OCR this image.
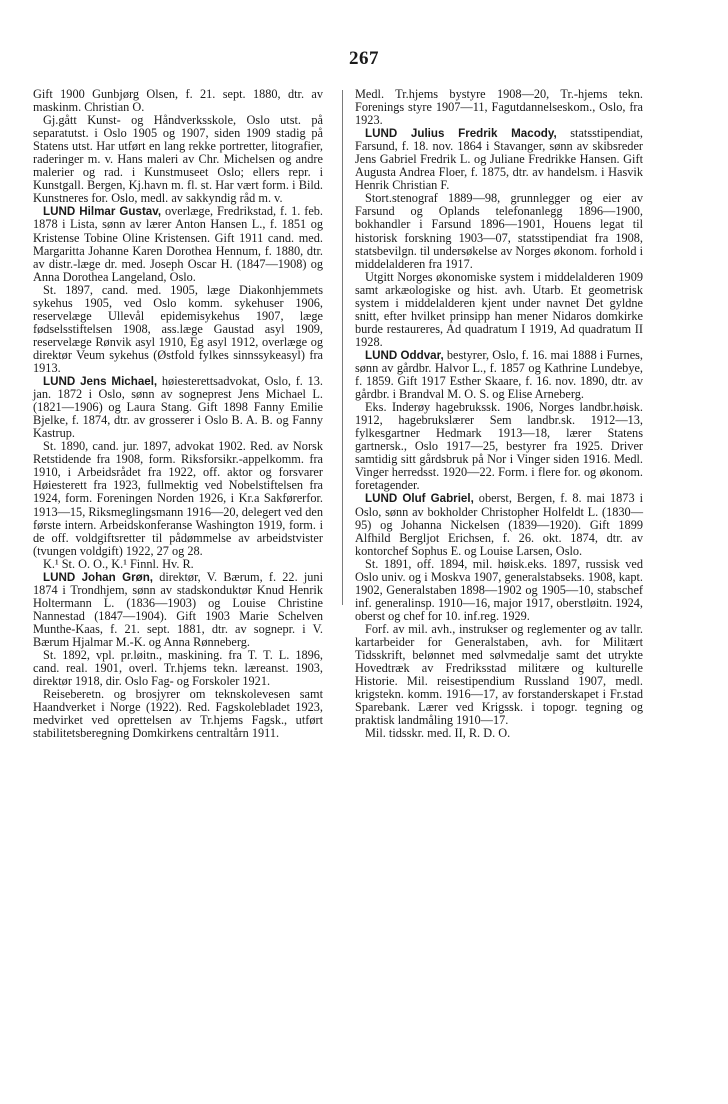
267

Gift 1900 Gunbjørg Olsen, f. 21. sept. 1880, dtr. av maskinm. Christian O.

Gj.gått Kunst- og Håndverksskole, Oslo utst. på separatutst. i Oslo 1905 og 1907, siden 1909 stadig på Statens utst. Har utført en lang rekke portretter, litografier, raderinger m. v. Hans maleri av Chr. Michelsen og andre malerier og rad. i Kunstmuseet Oslo; ellers repr. i Kunstgall. Bergen, Kj.havn m. fl. st. Har vært form. i Bild. Kunstneres for. Oslo, medl. av sakkyndig råd m. v.

LUND Hilmar Gustav, overlæge, Fredrikstad, f. 1. feb. 1878 i Lista, sønn av lærer Anton Hansen L., f. 1851 og Kristense Tobine Oline Kristensen. Gift 1911 cand. med. Margaritta Johanne Karen Dorothea Hennum, f. 1880, dtr. av distr.-læge dr. med. Joseph Oscar H. (1847—1908) og Anna Dorothea Langeland, Oslo.

St. 1897, cand. med. 1905, læge Diakonhjemmets sykehus 1905, ved Oslo komm. sykehuser 1906, reservelæge Ullevål epidemisykehus 1907, læge fødselsstiftelsen 1908, ass.læge Gaustad asyl 1909, reservelæge Rønvik asyl 1910, Eg asyl 1912, overlæge og direktør Veum sykehus (Østfold fylkes sinnssykeasyl) fra 1913.

LUND Jens Michael, høiesterettsadvokat, Oslo, f. 13. jan. 1872 i Oslo, sønn av sogneprest Jens Michael L. (1821—1906) og Laura Stang. Gift 1898 Fanny Emilie Bjelke, f. 1874, dtr. av grosserer i Oslo B. A. B. og Fanny Kastrup.

St. 1890, cand. jur. 1897, advokat 1902. Red. av Norsk Retstidende fra 1908, form. Riksforsikr.-appelkomm. fra 1910, i Arbeidsrådet fra 1922, off. aktor og forsvarer Høiesterett fra 1923, fullmektig ved Nobelstiftelsen fra 1924, form. Foreningen Norden 1926, i Kr.a Sakførerfor. 1913—15, Riksmeglingsmann 1916—20, delegert ved den første intern. Arbeidskonferanse Washington 1919, form. i de off. voldgiftsretter til pådømmelse av arbeidstvister (tvungen voldgift) 1922, 27 og 28.

K.¹ St. O. O., K.¹ Finnl. Hv. R.

LUND Johan Grøn, direktør, V. Bærum, f. 22. juni 1874 i Trondhjem, sønn av stadskonduktør Knud Henrik Holtermann L. (1836—1903) og Louise Christine Nannestad (1847—1904). Gift 1903 Marie Schelven Munthe-Kaas, f. 21. sept. 1881, dtr. av sognepr. i V. Bærum Hjalmar M.-K. og Anna Rønneberg.

St. 1892, vpl. pr.løitn., maskining. fra T. T. L. 1896, cand. real. 1901, overl. Tr.hjems tekn. læreanst. 1903, direktør 1918, dir. Oslo Fag- og Forskoler 1921.

Reiseberetn. og brosjyrer om teknskolevesen samt Haandverket i Norge (1922). Red. Fagskolebladet 1923, medvirket ved oprettelsen av Tr.hjems Fagsk., utført stabilitetsberegning Domkirkens centraltårn 1911.

Medl. Tr.hjems bystyre 1908—20, Tr.-hjems tekn. Forenings styre 1907—11, Fagutdannelseskom., Oslo, fra 1923.

LUND Julius Fredrik Macody, statsstipendiat, Farsund, f. 18. nov. 1864 i Stavanger, sønn av skibsreder Jens Gabriel Fredrik L. og Juliane Fredrikke Hansen. Gift Augusta Andrea Floer, f. 1875, dtr. av handelsm. i Hasvik Henrik Christian F.

Stort.stenograf 1889—98, grunnlegger og eier av Farsund og Oplands telefonanlegg 1896—1900, bokhandler i Farsund 1896—1901, Houens legat til historisk forskning 1903—07, statsstipendiat fra 1908, statsbevilgn. til undersøkelse av Norges økonom. forhold i middelalderen fra 1917.

Utgitt Norges økonomiske system i middelalderen 1909 samt arkæologiske og hist. avh. Utarb. Et geometrisk system i middelalderen kjent under navnet Det gyldne snitt, efter hvilket prinsipp han mener Nidaros domkirke burde restaureres, Ad quadratum I 1919, Ad quadratum II 1928.

LUND Oddvar, bestyrer, Oslo, f. 16. mai 1888 i Furnes, sønn av gårdbr. Halvor L., f. 1857 og Kathrine Lundebye, f. 1859. Gift 1917 Esther Skaare, f. 16. nov. 1890, dtr. av gårdbr. i Brandval M. O. S. og Elise Arneberg.

Eks. Inderøy hagebrukssk. 1906, Norges landbr.høisk. 1912, hagebrukslærer Sem landbr.sk. 1912—13, fylkesgartner Hedmark 1913—18, lærer Statens gartnersk., Oslo 1917—25, bestyrer fra 1925. Driver samtidig sitt gårdsbruk på Nor i Vinger siden 1916. Medl. Vinger herredsst. 1920—22. Form. i flere for. og økonom. foretagender.

LUND Oluf Gabriel, oberst, Bergen, f. 8. mai 1873 i Oslo, sønn av bokholder Christopher Holfeldt L. (1830—95) og Johanna Nickelsen (1839—1920). Gift 1899 Alfhild Bergljot Erichsen, f. 26. okt. 1874, dtr. av kontorchef Sophus E. og Louise Larsen, Oslo.

St. 1891, off. 1894, mil. høisk.eks. 1897, russisk ved Oslo univ. og i Moskva 1907, generalstabseks. 1908, kapt. 1902, Generalstaben 1898—1902 og 1905—10, stabschef inf. generalinsp. 1910—16, major 1917, oberstløitn. 1924, oberst og chef for 10. inf.reg. 1929.

Forf. av mil. avh., instrukser og reglementer og av tallr. kartarbeider for Generalstaben, avh. for Militært Tidsskrift, belønnet med sølvmedalje samt det utrykte Hovedtræk av Fredriksstad militære og kulturelle Historie. Mil. reisestipendium Russland 1907, medl. krigstekn. komm. 1916—17, av forstanderskapet i Fr.stad Sparebank. Lærer ved Krigssk. i topogr. tegning og praktisk landmåling 1910—17.

Mil. tidsskr. med. II, R. D. O.
